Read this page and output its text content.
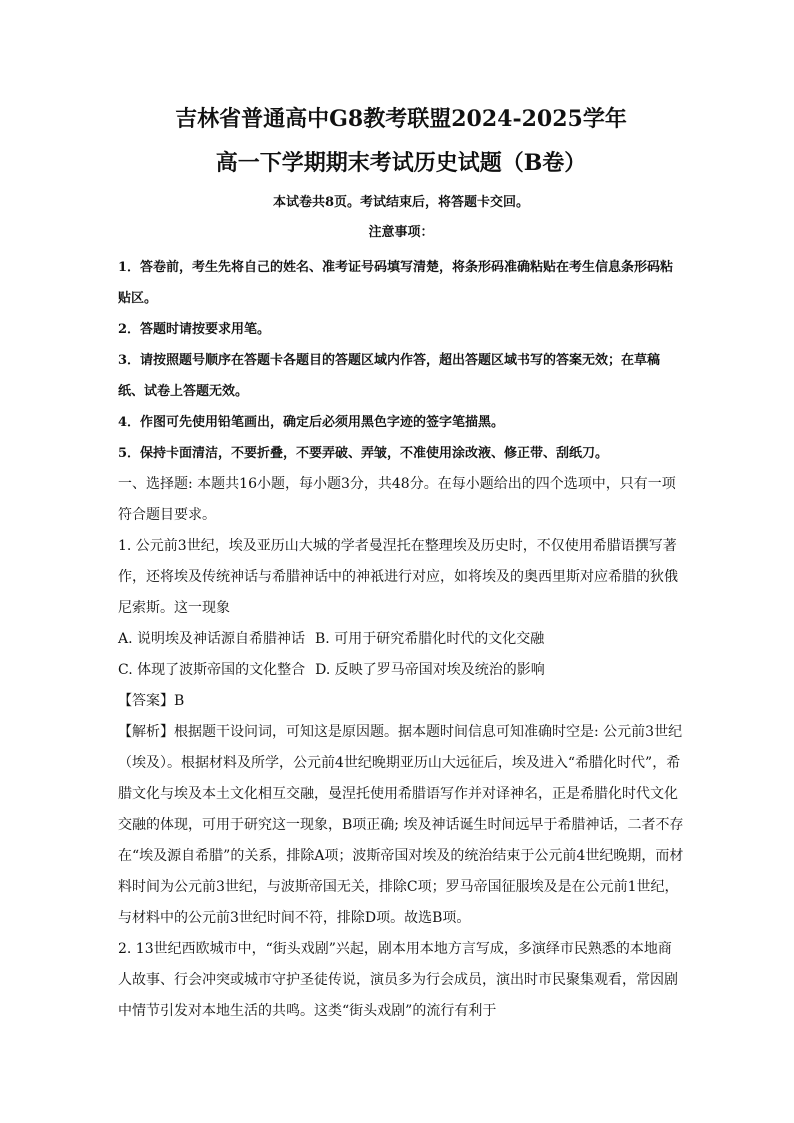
吉林省普通高中G8教考联盟2024-2025学年
高一下学期期末考试历史试题（B卷）
本试卷共8页。考试结束后，将答题卡交回。
注意事项：

1．答卷前，考生先将自己的姓名、准考证号码填写清楚，将条形码准确粘贴在考生信息条形码粘贴区。

2．答题时请按要求用笔。

3．请按照题号顺序在答题卡各题目的答题区域内作答，超出答题区域书写的答案无效；在草稿纸、试卷上答题无效。

4．作图可先使用铅笔画出，确定后必须用黑色字迹的签字笔描黑。

5．保持卡面清洁，不要折叠，不要弄破、弄皱，不准使用涂改液、修正带、刮纸刀。

一、选择题: 本题共16小题，每小题3分，共48分。在每小题给出的四个选项中，只有一项符合题目要求。

1. 公元前3世纪，埃及亚历山大城的学者曼涅托在整理埃及历史时，不仅使用希腊语撰写著作，还将埃及传统神话与希腊神话中的神祇进行对应，如将埃及的奥西里斯对应希腊的狄俄尼索斯。这一现象

A. 说明埃及神话源自希腊神话 B. 可用于研究希腊化时代的文化交融
C. 体现了波斯帝国的文化整合 D. 反映了罗马帝国对埃及统治的影响

【答案】B

【解析】根据题干设问词，可知这是原因题。据本题时间信息可知准确时空是: 公元前3世纪（埃及）。根据材料及所学，公元前4世纪晚期亚历山大远征后，埃及进入“希腊化时代”，希腊文化与埃及本土文化相互交融，曼涅托使用希腊语写作并对译神名，正是希腊化时代文化交融的体现，可用于研究这一现象，B项正确; 埃及神话诞生时间远早于希腊神话，二者不存在“埃及源自希腊”的关系，排除A项；波斯帝国对埃及的统治结束于公元前4世纪晚期，而材料时间为公元前3世纪，与波斯帝国无关，排除C项；罗马帝国征服埃及是在公元前1世纪，与材料中的公元前3世纪时间不符，排除D项。故选B项。

2. 13世纪西欧城市中，“街头戏剧”兴起，剧本用本地方言写成，多演绎市民熟悉的本地商人故事、行会冲突或城市守护圣徒传说，演员多为行会成员，演出时市民聚集观看，常因剧中情节引发对本地生活的共鸣。这类“街头戏剧”的流行有利于
